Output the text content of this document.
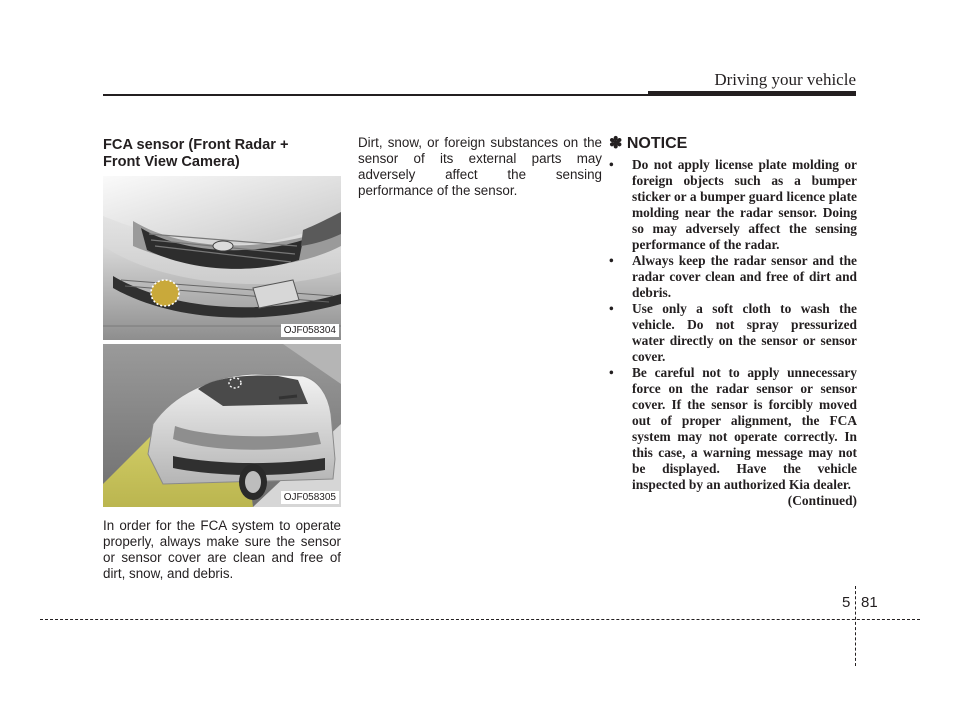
Driving your vehicle
FCA sensor (Front Radar +
Front View Camera)
OJF058304
OJF058305
In order for the FCA system to operate properly, always make sure the sensor or sensor cover are clean and free of dirt, snow, and debris.
Dirt, snow, or foreign substances on the sensor of its external parts may adversely affect the sensing performance of the sensor.
✽ NOTICE
• Do not apply license plate molding or foreign objects such as a bumper sticker or a bumper guard licence plate molding near the radar sensor. Doing so may adversely affect the sensing performance of the radar.
• Always keep the radar sensor and the radar cover clean and free of dirt and debris.
• Use only a soft cloth to wash the vehicle. Do not spray pressurized water directly on the sensor or sensor cover.
• Be careful not to apply unnecessary force on the radar sensor or sensor cover. If the sensor is forcibly moved out of proper alignment, the FCA system may not operate correctly. In this case, a warning message may not be displayed. Have the vehicle inspected by an authorized Kia dealer.
(Continued)
5 81
